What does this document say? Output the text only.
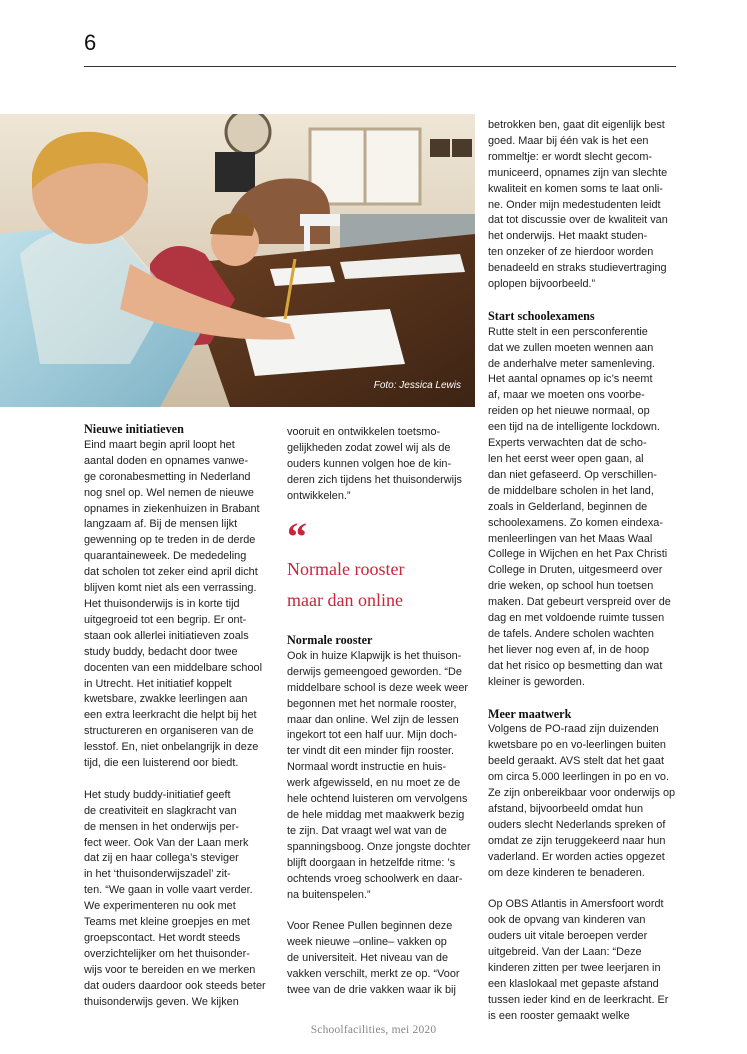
6
Foto: Jessica Lewis
Nieuwe initiatieven

Eind maart begin april loopt het

aantal doden en opnames vanwe-

ge coronabesmetting in Nederland

nog snel op. Wel nemen de nieuwe

opnames in ziekenhuizen in Brabant

langzaam af. Bij de mensen lijkt

gewenning op te treden in de derde

quarantaineweek. De mededeling

dat scholen tot zeker eind april dicht

blijven komt niet als een verrassing.

Het thuisonderwijs is in korte tijd

uitgegroeid tot een begrip. Er ont-

staan ook allerlei initiatieven zoals

study buddy, bedacht door twee

docenten van een middelbare school

in Utrecht. Het initiatief koppelt

kwetsbare, zwakke leerlingen aan

een extra leerkracht die helpt bij het

structureren en organiseren van de

lesstof. En, niet onbelangrijk in deze

tijd, die een luisterend oor biedt.

Het study buddy-initiatief geeft

de creativiteit en slagkracht van

de mensen in het onderwijs per-

fect weer. Ook Van der Laan merk

dat zij en haar collega’s steviger

in het ‘thuisonderwijszadel’ zit-

ten. “We gaan in volle vaart verder.

We experimenteren nu ook met

Teams met kleine groepjes en met

groepscontact. Het wordt steeds

overzichtelijker om het thuisonder-

wijs voor te bereiden en we merken

dat ouders daardoor ook steeds beter

thuisonderwijs geven. We kijken

vooruit en ontwikkelen toetsmo-

gelijkheden zodat zowel wij als de

ouders kunnen volgen hoe de kin-

deren zich tijdens het thuisonderwijs

ontwikkelen.”

“
Normale rooster
maar dan online
Normale rooster

Ook in huize Klapwijk is het thuison-

derwijs gemeengoed geworden. “De

middelbare school is deze week weer

begonnen met het normale rooster,

maar dan online. Wel zijn de lessen

ingekort tot een half uur. Mijn doch-

ter vindt dit een minder fijn rooster.

Normaal wordt instructie en huis-

werk afgewisseld, en nu moet ze de

hele ochtend luisteren om vervolgens

de hele middag met maakwerk bezig

te zijn. Dat vraagt wel wat van de

spanningsboog. Onze jongste dochter

blijft doorgaan in hetzelfde ritme: ’s

ochtends vroeg schoolwerk en daar-

na buitenspelen.”

Voor Renee Pullen beginnen deze

week nieuwe –online– vakken op

de universiteit. Het niveau van de

vakken verschilt, merkt ze op. “Voor

twee van de drie vakken waar ik bij

betrokken ben, gaat dit eigenlijk best

goed. Maar bij één vak is het een

rommeltje: er wordt slecht gecom-

municeerd, opnames zijn van slechte

kwaliteit en komen soms te laat onli-

ne. Onder mijn medestudenten leidt

dat tot discussie over de kwaliteit van

het onderwijs. Het maakt studen-

ten onzeker of ze hierdoor worden

benadeeld en straks studievertraging

oplopen bijvoorbeeld.”

Start schoolexamens

Rutte stelt in een persconferentie

dat we zullen moeten wennen aan

de anderhalve meter samenleving.

Het aantal opnames op ic’s neemt

af, maar we moeten ons voorbe-

reiden op het nieuwe normaal, op

een tijd na de intelligente lockdown.

Experts verwachten dat de scho-

len het eerst weer open gaan, al

dan niet gefaseerd. Op verschillen-

de middelbare scholen in het land,

zoals in Gelderland, beginnen de

schoolexamens. Zo komen eindexa-

menleerlingen van het Maas Waal

College in Wijchen en het Pax Christi

College in Druten, uitgesmeerd over

drie weken, op school hun toetsen

maken. Dat gebeurt verspreid over de

dag en met voldoende ruimte tussen

de tafels. Andere scholen wachten

het liever nog even af, in de hoop

dat het risico op besmetting dan wat

kleiner is geworden.

Meer maatwerk

Volgens de PO-raad zijn duizenden

kwetsbare po en vo-leerlingen buiten

beeld geraakt. AVS stelt dat het gaat

om circa 5.000 leerlingen in po en vo.

Ze zijn onbereikbaar voor onderwijs op

afstand, bijvoorbeeld omdat hun

ouders slecht Nederlands spreken of

omdat ze zijn teruggekeerd naar hun

vaderland. Er worden acties opgezet

om deze kinderen te benaderen.

Op OBS Atlantis in Amersfoort wordt

ook de opvang van kinderen van

ouders uit vitale beroepen verder

uitgebreid. Van der Laan: “Deze

kinderen zitten per twee leerjaren in

een klaslokaal met gepaste afstand

tussen ieder kind en de leerkracht. Er

is een rooster gemaakt welke

Schoolfacilities, mei 2020
